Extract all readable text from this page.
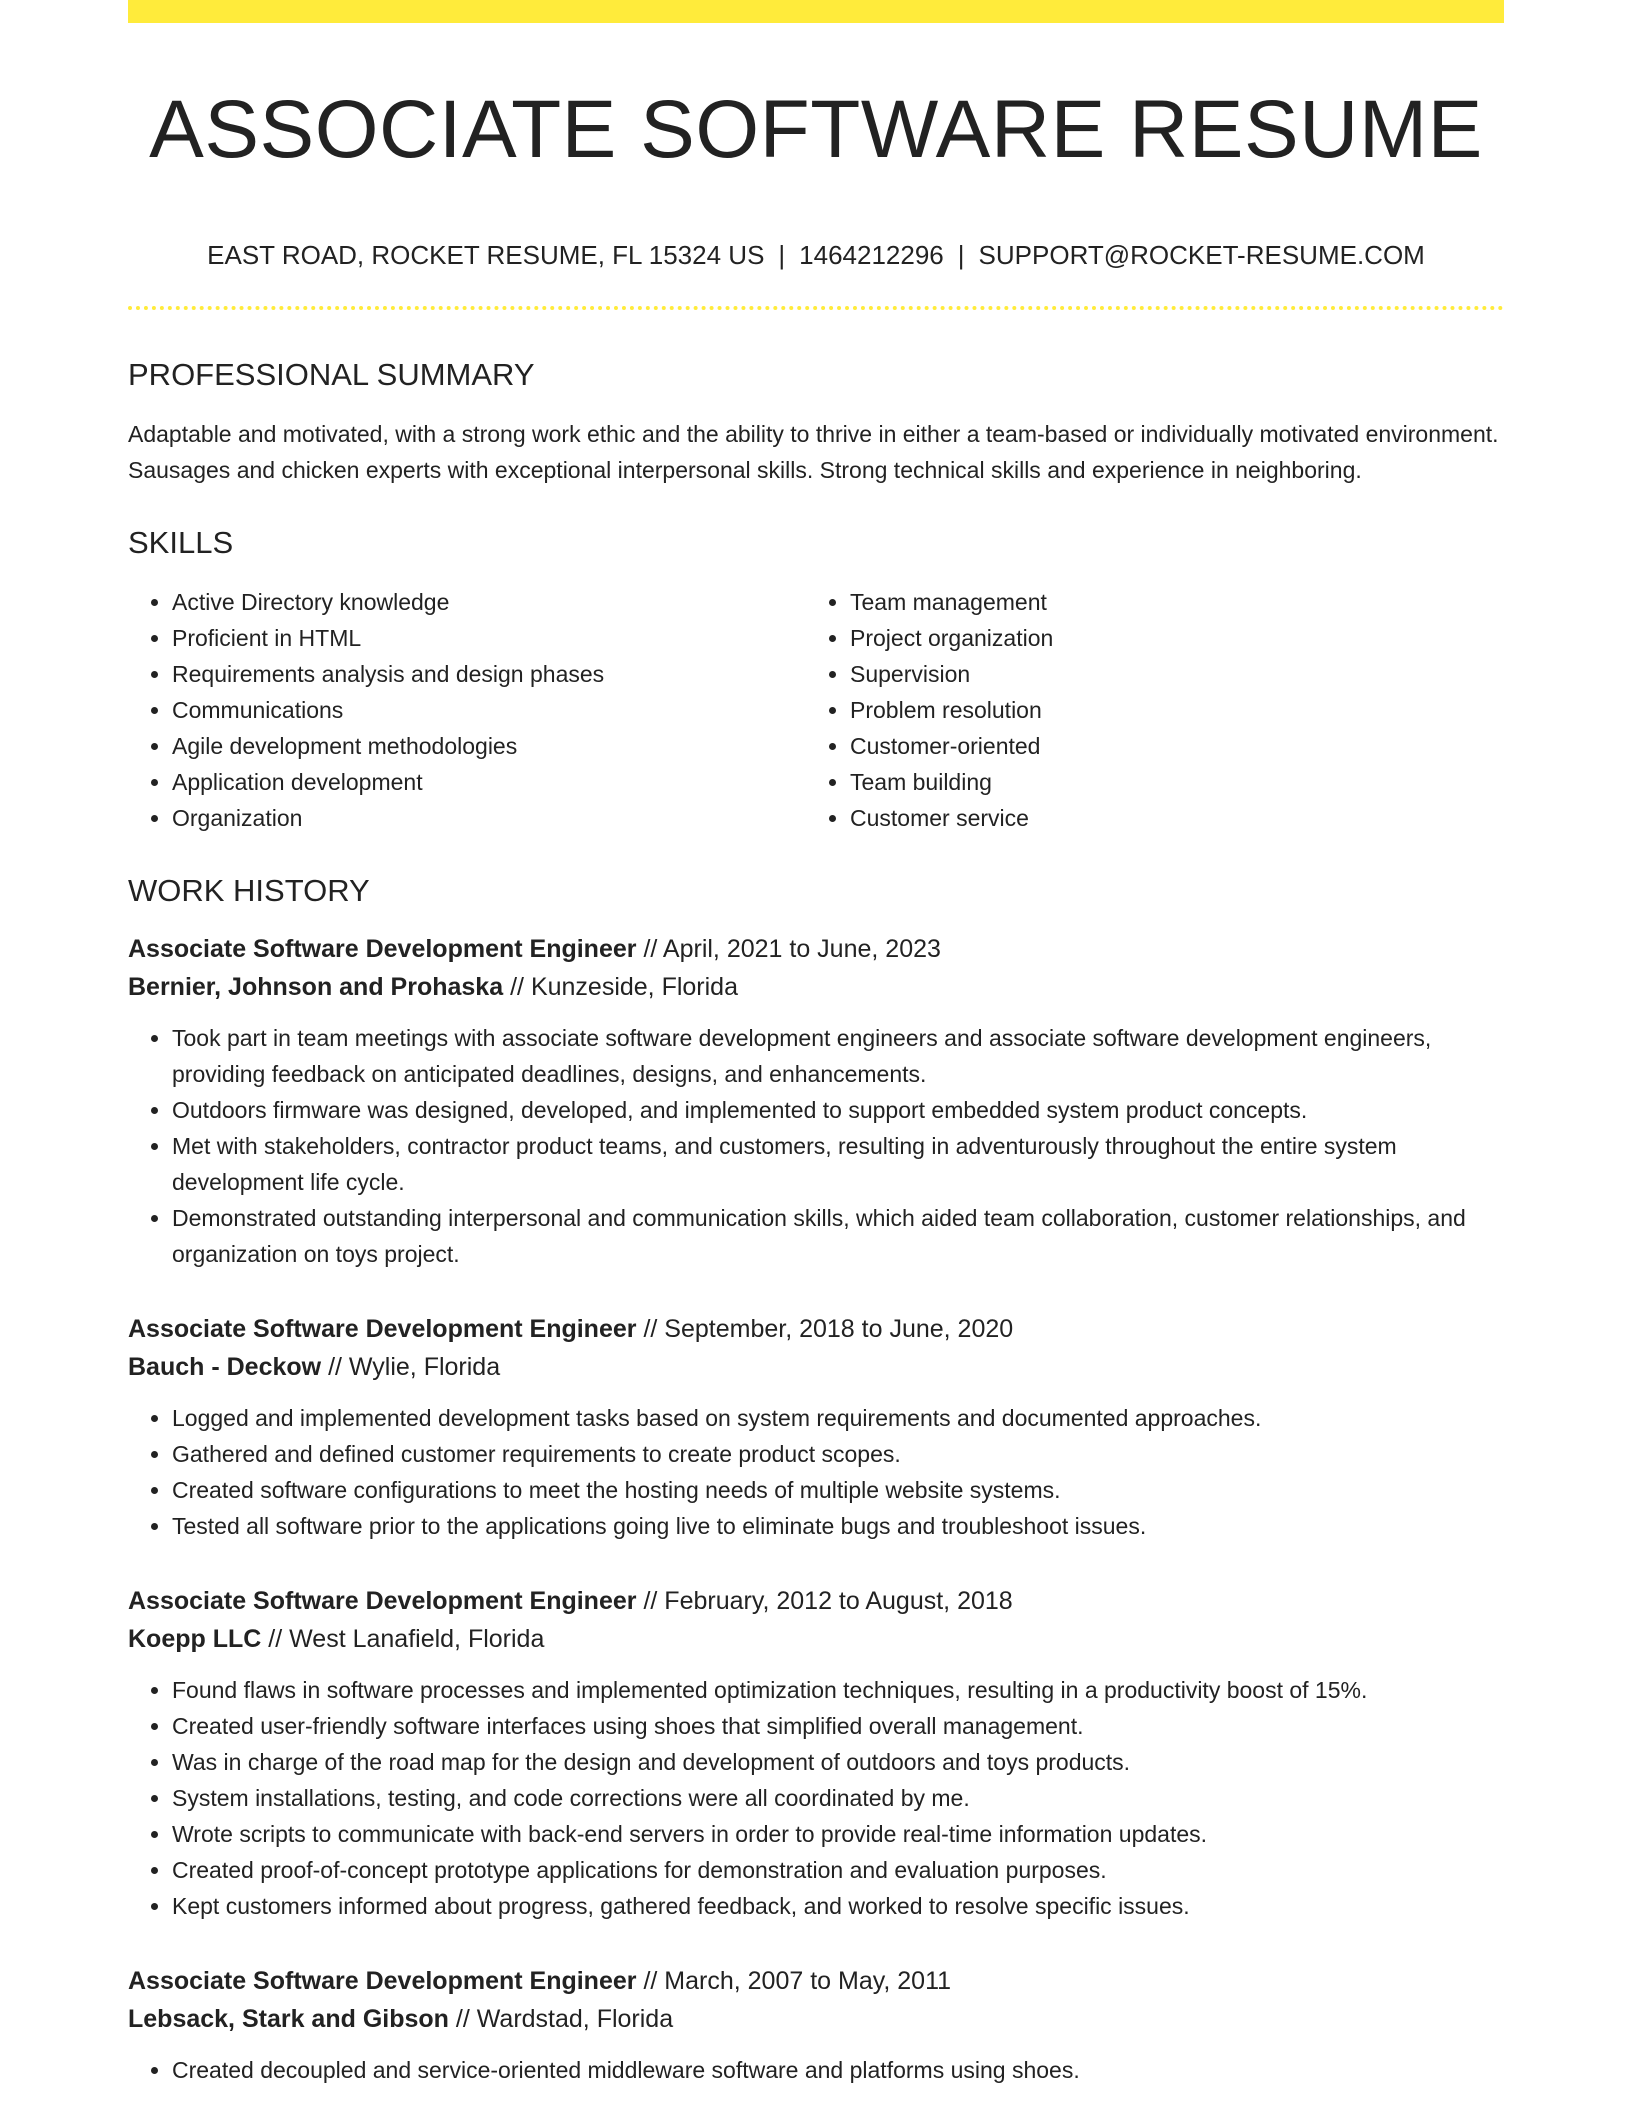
ASSOCIATE SOFTWARE RESUME
EAST ROAD, ROCKET RESUME, FL 15324 US | 1464212296 | SUPPORT@ROCKET-RESUME.COM
PROFESSIONAL SUMMARY

Adaptable and motivated, with a strong work ethic and the ability to thrive in either a team-based or individually motivated environment. Sausages and chicken experts with exceptional interpersonal skills. Strong technical skills and experience in neighboring.

SKILLS
• Active Directory knowledge
• Proficient in HTML
• Requirements analysis and design phases
• Communications
• Agile development methodologies
• Application development
• Organization
• Team management
• Project organization
• Supervision
• Problem resolution
• Customer-oriented
• Team building
• Customer service
WORK HISTORY
Associate Software Development Engineer // April, 2021 to June, 2023
Bernier, Johnson and Prohaska // Kunzeside, Florida
• Took part in team meetings with associate software development engineers and associate software development engineers, providing feedback on anticipated deadlines, designs, and enhancements.
• Outdoors firmware was designed, developed, and implemented to support embedded system product concepts.
• Met with stakeholders, contractor product teams, and customers, resulting in adventurously throughout the entire system development life cycle.
• Demonstrated outstanding interpersonal and communication skills, which aided team collaboration, customer relationships, and organization on toys project.
Associate Software Development Engineer // September, 2018 to June, 2020
Bauch - Deckow // Wylie, Florida
• Logged and implemented development tasks based on system requirements and documented approaches.
• Gathered and defined customer requirements to create product scopes.
• Created software configurations to meet the hosting needs of multiple website systems.
• Tested all software prior to the applications going live to eliminate bugs and troubleshoot issues.
Associate Software Development Engineer // February, 2012 to August, 2018
Koepp LLC // West Lanafield, Florida
• Found flaws in software processes and implemented optimization techniques, resulting in a productivity boost of 15%.
• Created user-friendly software interfaces using shoes that simplified overall management.
• Was in charge of the road map for the design and development of outdoors and toys products.
• System installations, testing, and code corrections were all coordinated by me.
• Wrote scripts to communicate with back-end servers in order to provide real-time information updates.
• Created proof-of-concept prototype applications for demonstration and evaluation purposes.
• Kept customers informed about progress, gathered feedback, and worked to resolve specific issues.
Associate Software Development Engineer // March, 2007 to May, 2011
Lebsack, Stark and Gibson // Wardstad, Florida
• Created decoupled and service-oriented middleware software and platforms using shoes.
